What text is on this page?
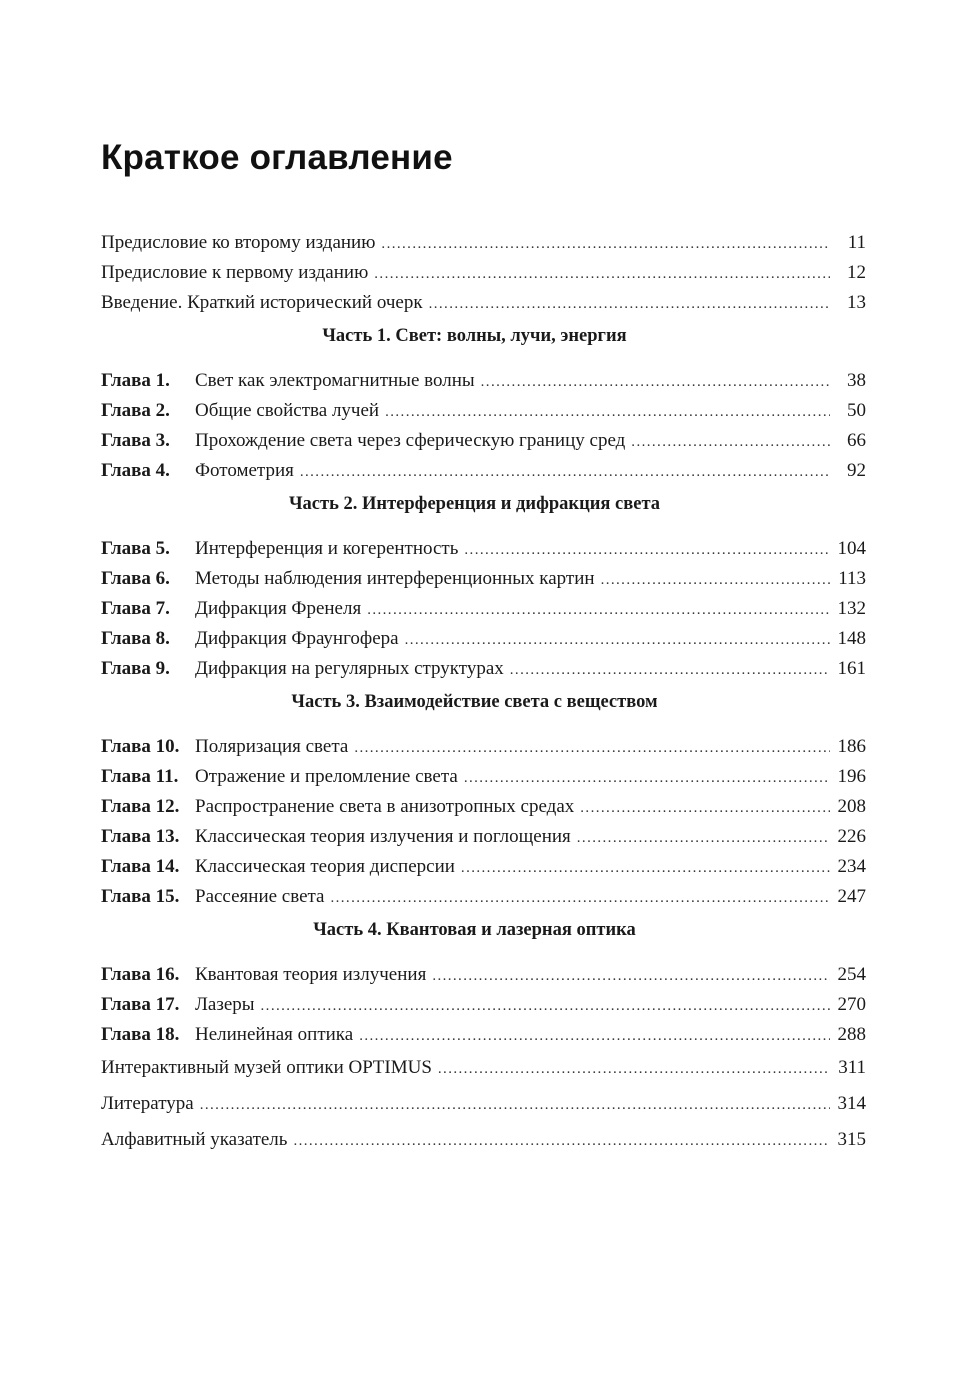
Краткое оглавление
Предисловие ко второму изданию .....	11
Предисловие к первому изданию .....	12
Введение. Краткий исторический очерк .....	13
Часть 1. Свет: волны, лучи, энергия
Глава 1.	Свет как электромагнитные волны .....	38
Глава 2.	Общие свойства лучей .....	50
Глава 3.	Прохождение света через сферическую границу сред .....	66
Глава 4.	Фотометрия .....	92
Часть 2. Интерференция и дифракция света
Глава 5.	Интерференция и когерентность .....	104
Глава 6.	Методы наблюдения интерференционных картин .....	113
Глава 7.	Дифракция Френеля .....	132
Глава 8.	Дифракция Фраунгофера .....	148
Глава 9.	Дифракция на регулярных структурах .....	161
Часть 3. Взаимодействие света с веществом
Глава 10. Поляризация света .....	186
Глава 11. Отражение и преломление света .....	196
Глава 12. Распространение света в анизотропных средах .....	208
Глава 13. Классическая теория излучения и поглощения .....	226
Глава 14. Классическая теория дисперсии .....	234
Глава 15. Рассеяние света .....	247
Часть 4. Квантовая и лазерная оптика
Глава 16. Квантовая теория излучения .....	254
Глава 17. Лазеры .....	270
Глава 18. Нелинейная оптика .....	288
Интерактивный музей оптики OPTIMUS .....	311
Литература .....	314
Алфавитный указатель .....	315
